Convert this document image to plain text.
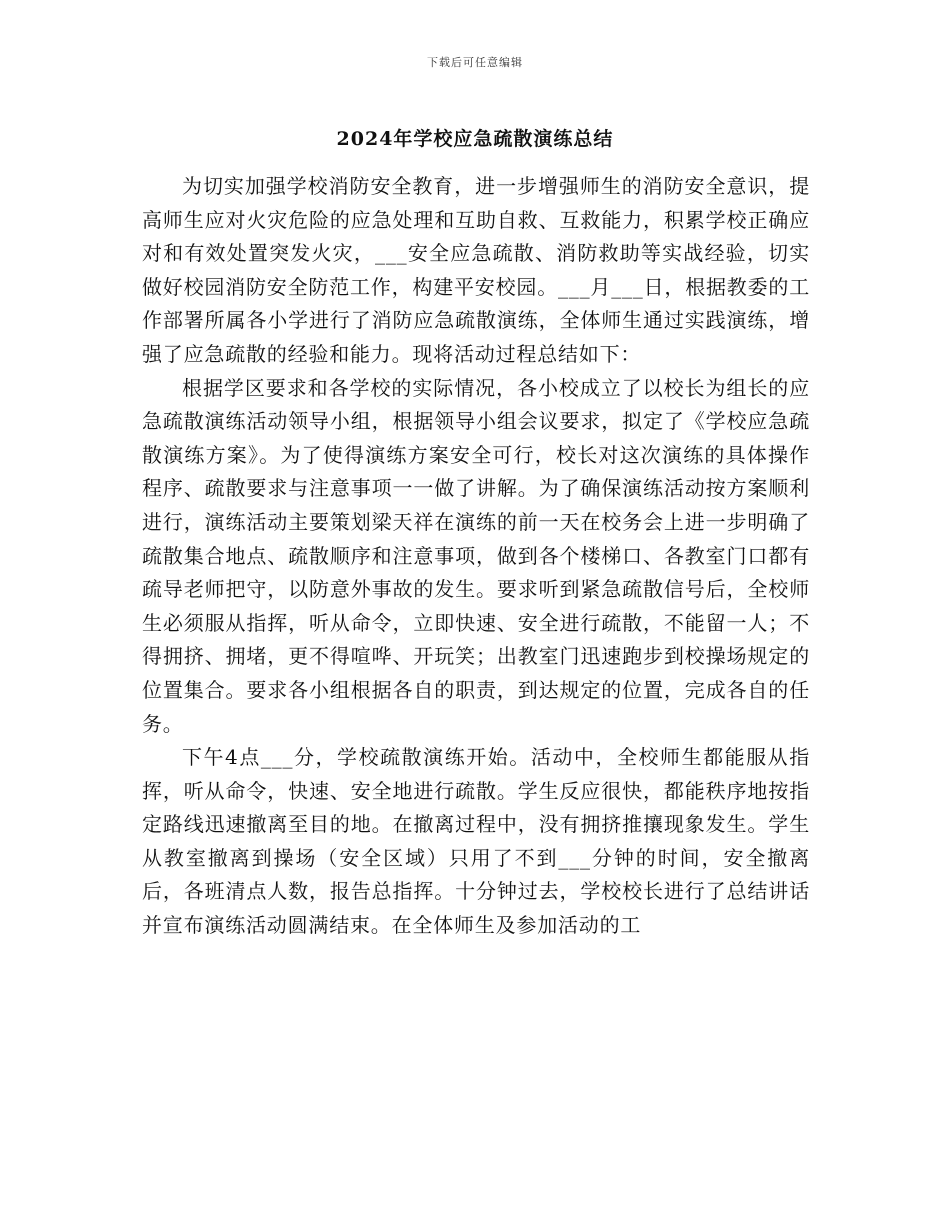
下载后可任意编辑
2024年学校应急疏散演练总结

为切实加强学校消防安全教育，进一步增强师生的消防安全意识，提高师生应对火灾危险的应急处理和互助自救、互救能力，积累学校正确应对和有效处置突发火灾，___安全应急疏散、消防救助等实战经验，切实做好校园消防安全防范工作，构建平安校园。___月___日，根据教委的工作部署所属各小学进行了消防应急疏散演练，全体师生通过实践演练，增强了应急疏散的经验和能力。现将活动过程总结如下：

根据学区要求和各学校的实际情况，各小校成立了以校长为组长的应急疏散演练活动领导小组，根据领导小组会议要求，拟定了《学校应急疏散演练方案》。为了使得演练方案安全可行，校长对这次演练的具体操作程序、疏散要求与注意事项一一做了讲解。为了确保演练活动按方案顺利进行，演练活动主要策划梁天祥在演练的前一天在校务会上进一步明确了疏散集合地点、疏散顺序和注意事项，做到各个楼梯口、各教室门口都有疏导老师把守，以防意外事故的发生。要求听到紧急疏散信号后，全校师生必须服从指挥，听从命令，立即快速、安全进行疏散，不能留一人；不得拥挤、拥堵，更不得喧哗、开玩笑；出教室门迅速跑步到校操场规定的位置集合。要求各小组根据各自的职责，到达规定的位置，完成各自的任务。

下午4点___分，学校疏散演练开始。活动中，全校师生都能服从指挥，听从命令，快速、安全地进行疏散。学生反应很快，都能秩序地按指定路线迅速撤离至目的地。在撤离过程中，没有拥挤推攘现象发生。学生从教室撤离到操场（安全区域）只用了不到___分钟的时间，安全撤离后，各班清点人数，报告总指挥。十分钟过去，学校校长进行了总结讲话并宣布演练活动圆满结束。在全体师生及参加活动的工
